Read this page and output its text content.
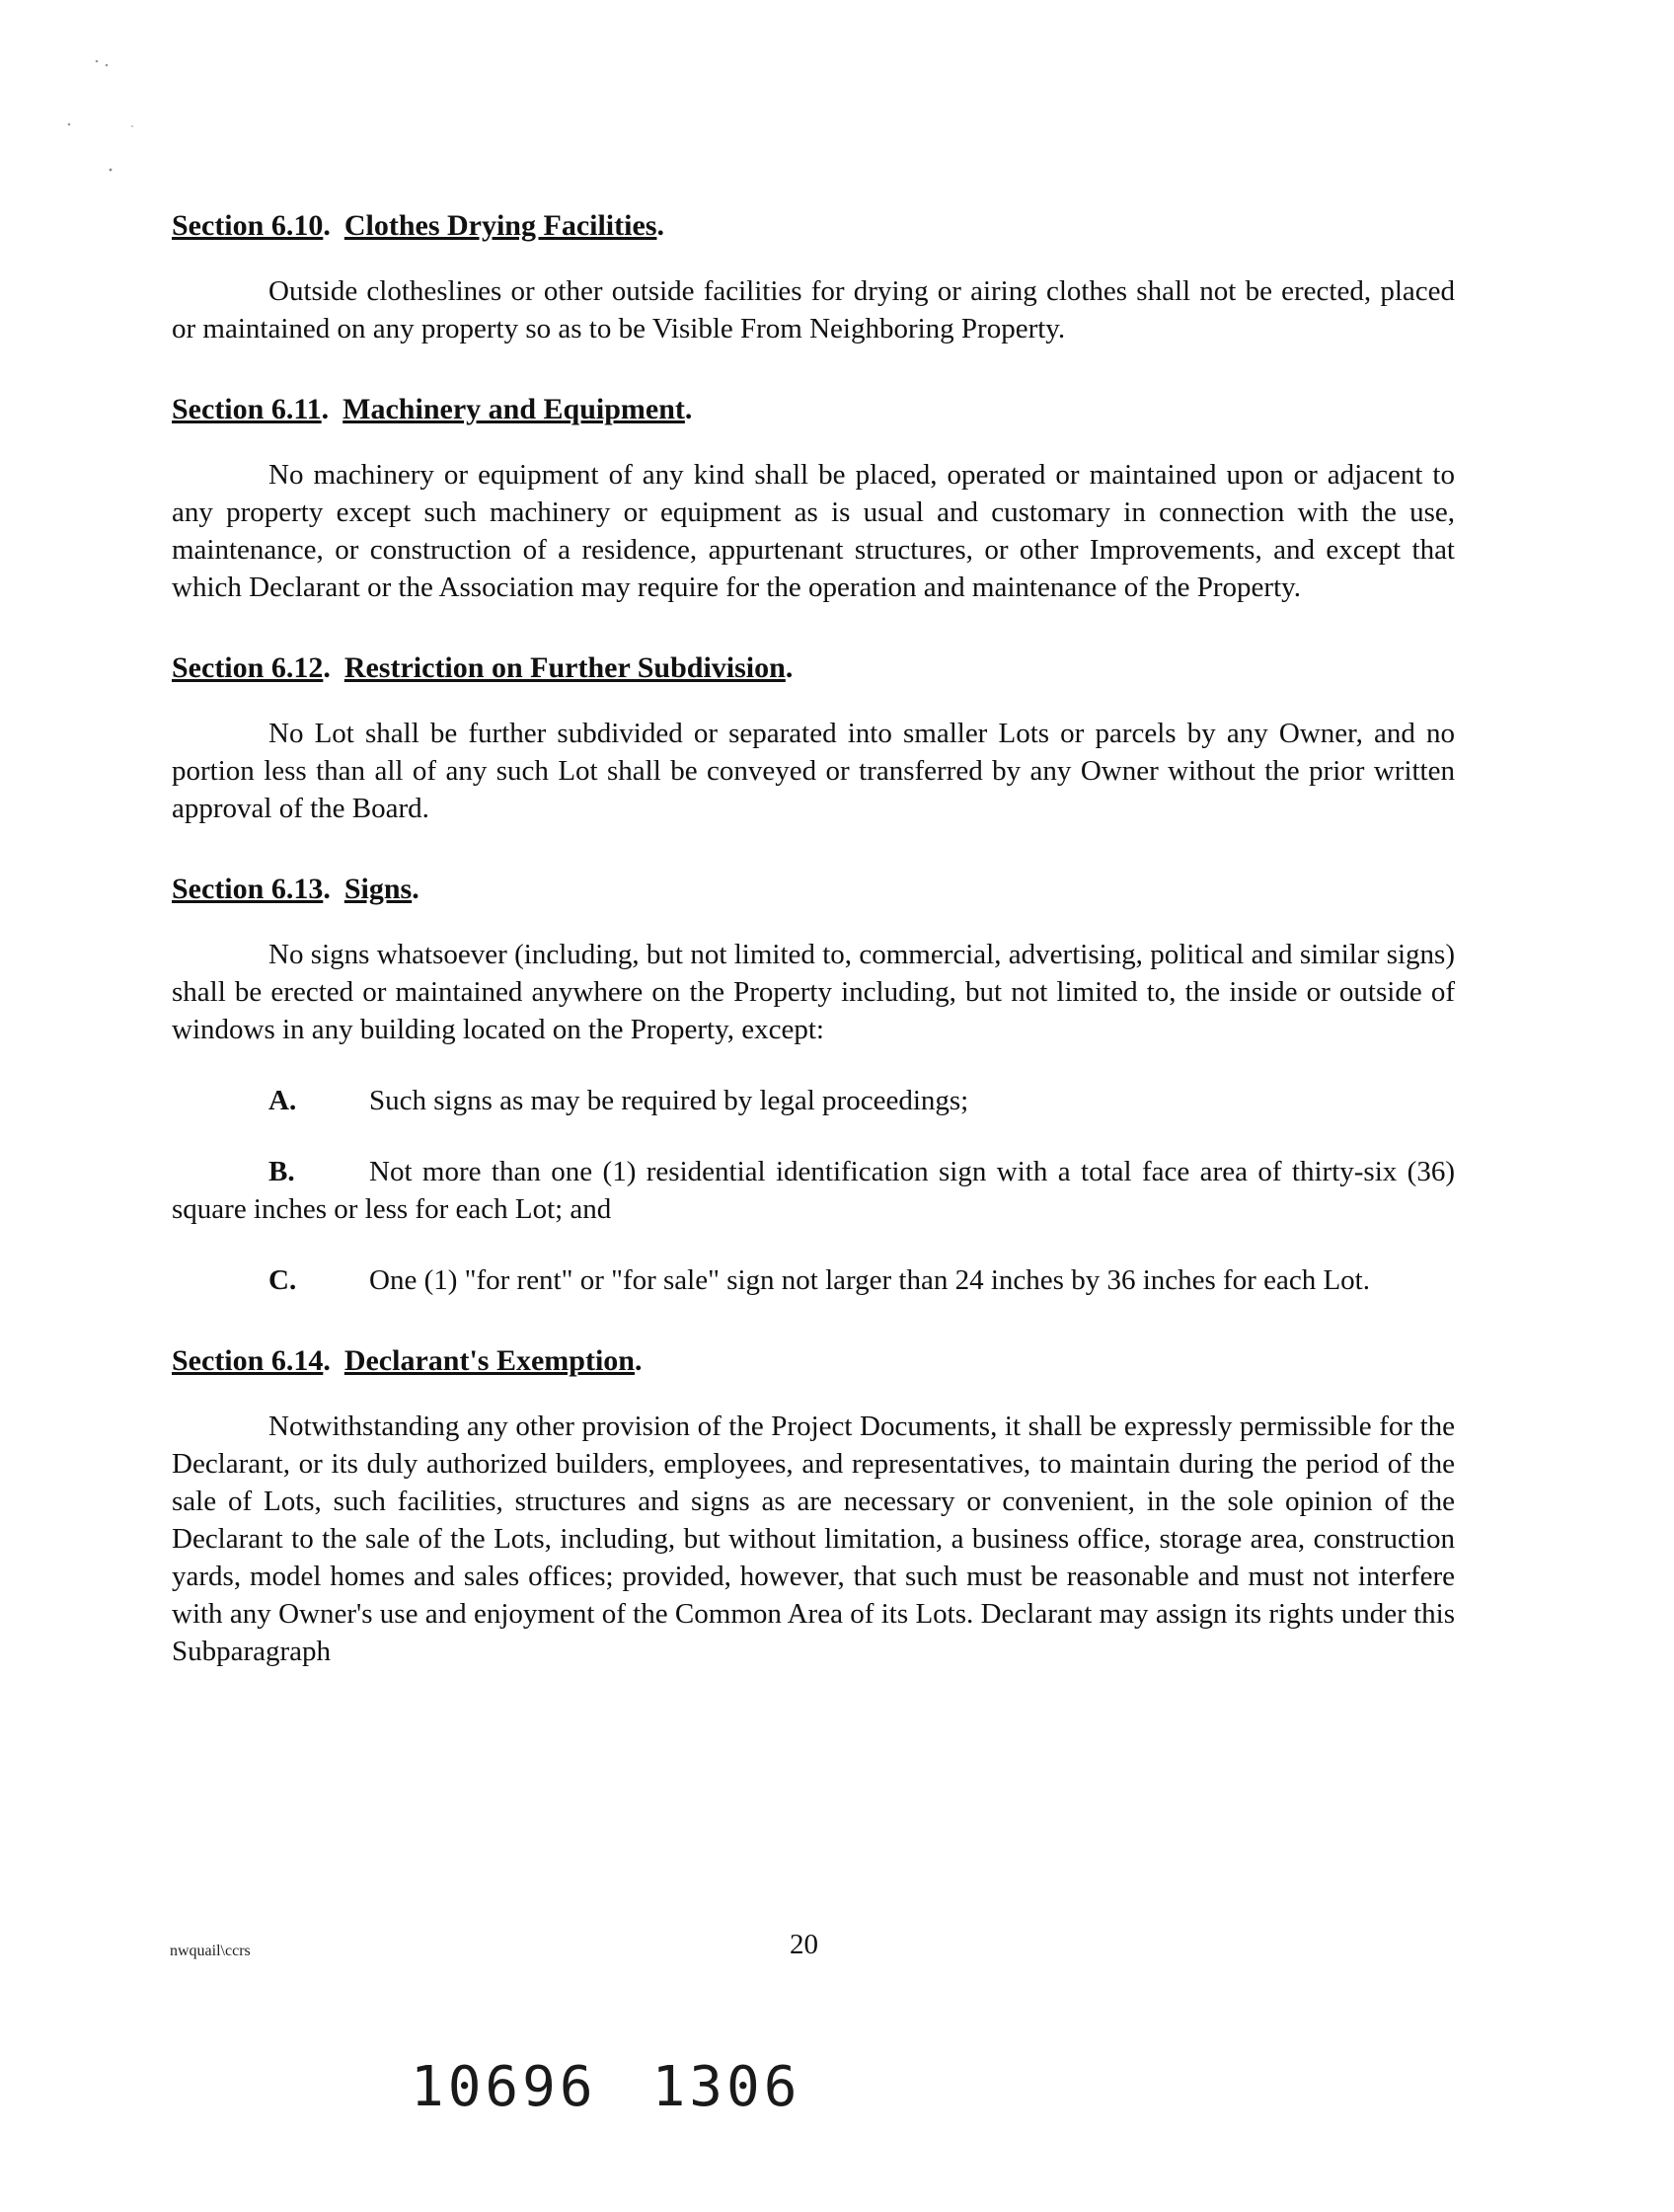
Section 6.10. Clothes Drying Facilities.

Outside clotheslines or other outside facilities for drying or airing clothes shall not be erected, placed or maintained on any property so as to be Visible From Neighboring Property.

Section 6.11. Machinery and Equipment.

No machinery or equipment of any kind shall be placed, operated or maintained upon or adjacent to any property except such machinery or equipment as is usual and customary in connection with the use, maintenance, or construction of a residence, appurtenant structures, or other Improvements, and except that which Declarant or the Association may require for the operation and maintenance of the Property.

Section 6.12. Restriction on Further Subdivision.

No Lot shall be further subdivided or separated into smaller Lots or parcels by any Owner, and no portion less than all of any such Lot shall be conveyed or transferred by any Owner without the prior written approval of the Board.

Section 6.13. Signs.

No signs whatsoever (including, but not limited to, commercial, advertising, political and similar signs) shall be erected or maintained anywhere on the Property including, but not limited to, the inside or outside of windows in any building located on the Property, except:

A.	Such signs as may be required by legal proceedings;

B.	Not more than one (1) residential identification sign with a total face area of thirty-six (36) square inches or less for each Lot; and

C.	One (1) "for rent" or "for sale" sign not larger than 24 inches by 36 inches for each Lot.

Section 6.14. Declarant's Exemption.

Notwithstanding any other provision of the Project Documents, it shall be expressly permissible for the Declarant, or its duly authorized builders, employees, and representatives, to maintain during the period of the sale of Lots, such facilities, structures and signs as are necessary or convenient, in the sole opinion of the Declarant to the sale of the Lots, including, but without limitation, a business office, storage area, construction yards, model homes and sales offices; provided, however, that such must be reasonable and must not interfere with any Owner's use and enjoyment of the Common Area of its Lots. Declarant may assign its rights under this Subparagraph

nwquail\ccrs	20
10696 1306
